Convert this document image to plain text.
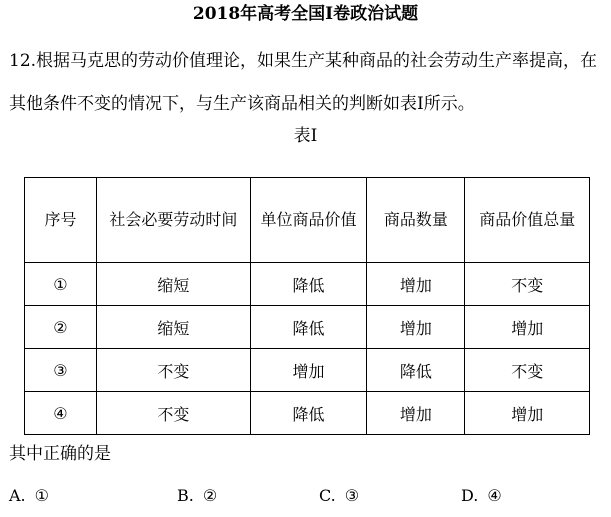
2018年高考全国Ⅰ卷政治试题

12.根据马克思的劳动价值理论，如果生产某种商品的社会劳动生产率提高，在其他条件不变的情况下，与生产该商品相关的判断如表Ⅰ所示。

表Ⅰ

序号	社会必要劳动时间	单位商品价值	商品数量	商品价值总量
①	缩短	降低	增加	不变
②	缩短	降低	增加	增加
③	不变	增加	降低	不变
④	不变	降低	增加	增加

其中正确的是

A. ①	B. ②	C. ③	D. ④
